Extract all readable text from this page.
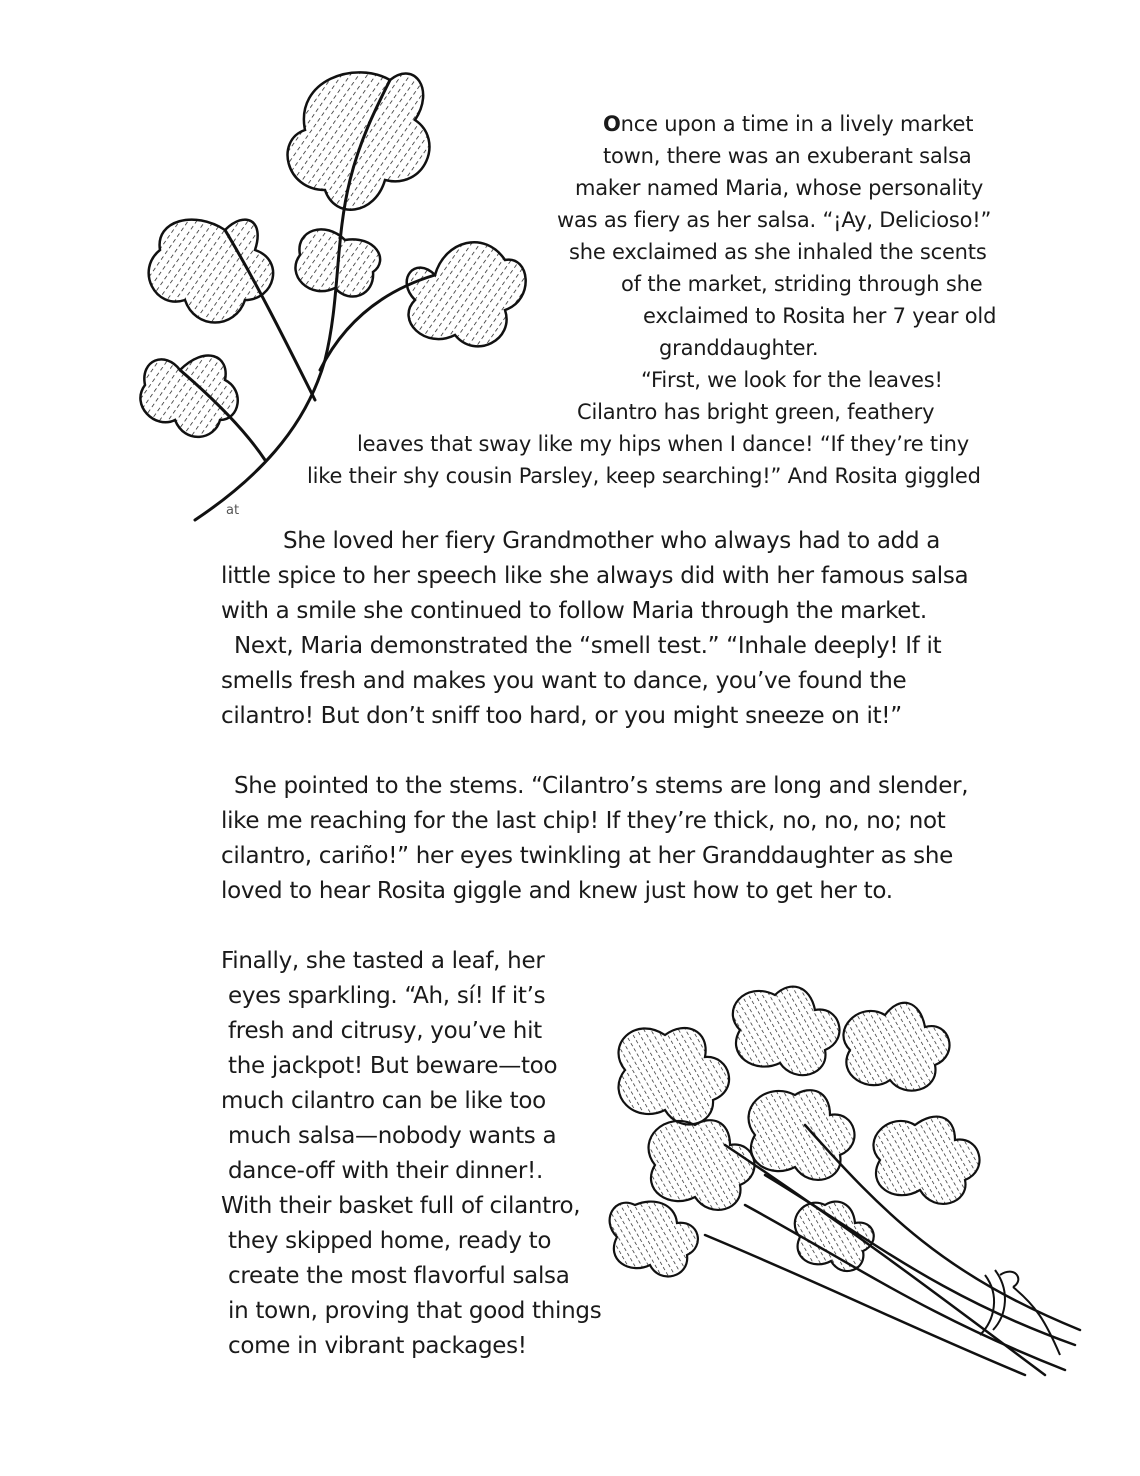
Once upon a time in a lively market
town, there was an exuberant salsa
maker named Maria, whose personality
was as fiery as her salsa. “¡Ay, Delicioso!”
she exclaimed as she inhaled the scents
of the market, striding through she
exclaimed to Rosita her 7 year old
granddaughter.
“First, we look for the leaves!
Cilantro has bright green, feathery
leaves that sway like my hips when I dance! “If they’re tiny
like their shy cousin Parsley, keep searching!” And Rosita giggled
at
She loved her fiery Grandmother who always had to add a
little spice to her speech like she always did with her famous salsa
with a smile she continued to follow Maria through the market.
Next, Maria demonstrated the “smell test.” “Inhale deeply! If it
smells fresh and makes you want to dance, you’ve found the
cilantro! But don’t sniff too hard, or you might sneeze on it!”
She pointed to the stems. “Cilantro’s stems are long and slender,
like me reaching for the last chip! If they’re thick, no, no, no; not
cilantro, cariño!” her eyes twinkling at her Granddaughter as she
loved to hear Rosita giggle and knew just how to get her to.
Finally, she tasted a leaf, her
eyes sparkling. “Ah, sí! If it’s
fresh and citrusy, you’ve hit
the jackpot! But beware—too
much cilantro can be like too
much salsa—nobody wants a
dance-off with their dinner!.
With their basket full of cilantro,
they skipped home, ready to
create the most flavorful salsa
in town, proving that good things
come in vibrant packages!
